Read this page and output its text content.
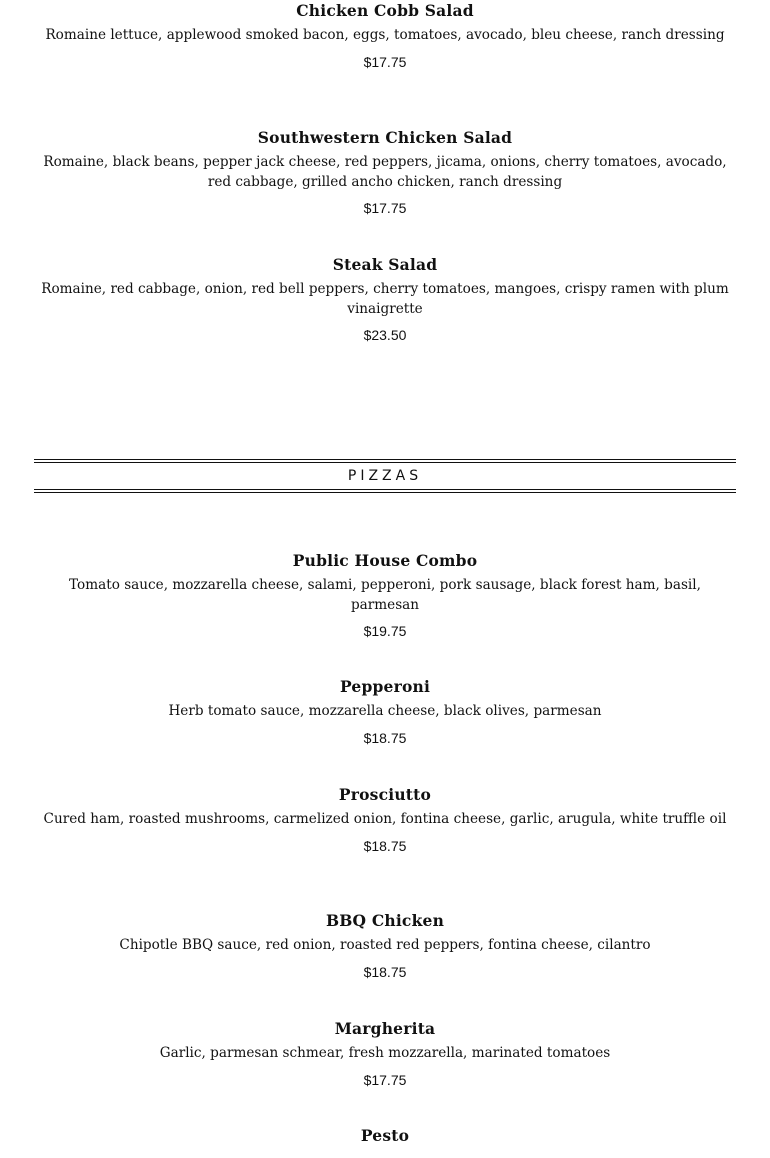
Chicken Cobb Salad
Romaine lettuce, applewood smoked bacon, eggs, tomatoes, avocado, bleu cheese, ranch dressing
$17.75
Southwestern Chicken Salad
Romaine, black beans, pepper jack cheese, red peppers, jicama, onions, cherry tomatoes, avocado, red cabbage, grilled ancho chicken, ranch dressing
$17.75
Steak Salad
Romaine, red cabbage, onion, red bell peppers, cherry tomatoes, mangoes, crispy ramen with plum vinaigrette
$23.50
PIZZAS
Public House Combo
Tomato sauce, mozzarella cheese, salami, pepperoni, pork sausage, black forest ham, basil, parmesan
$19.75
Pepperoni
Herb tomato sauce, mozzarella cheese, black olives, parmesan
$18.75
Prosciutto
Cured ham, roasted mushrooms, carmelized onion, fontina cheese, garlic, arugula, white truffle oil
$18.75
BBQ Chicken
Chipotle BBQ sauce, red onion, roasted red peppers, fontina cheese, cilantro
$18.75
Margherita
Garlic, parmesan schmear, fresh mozzarella, marinated tomatoes
$17.75
Pesto
